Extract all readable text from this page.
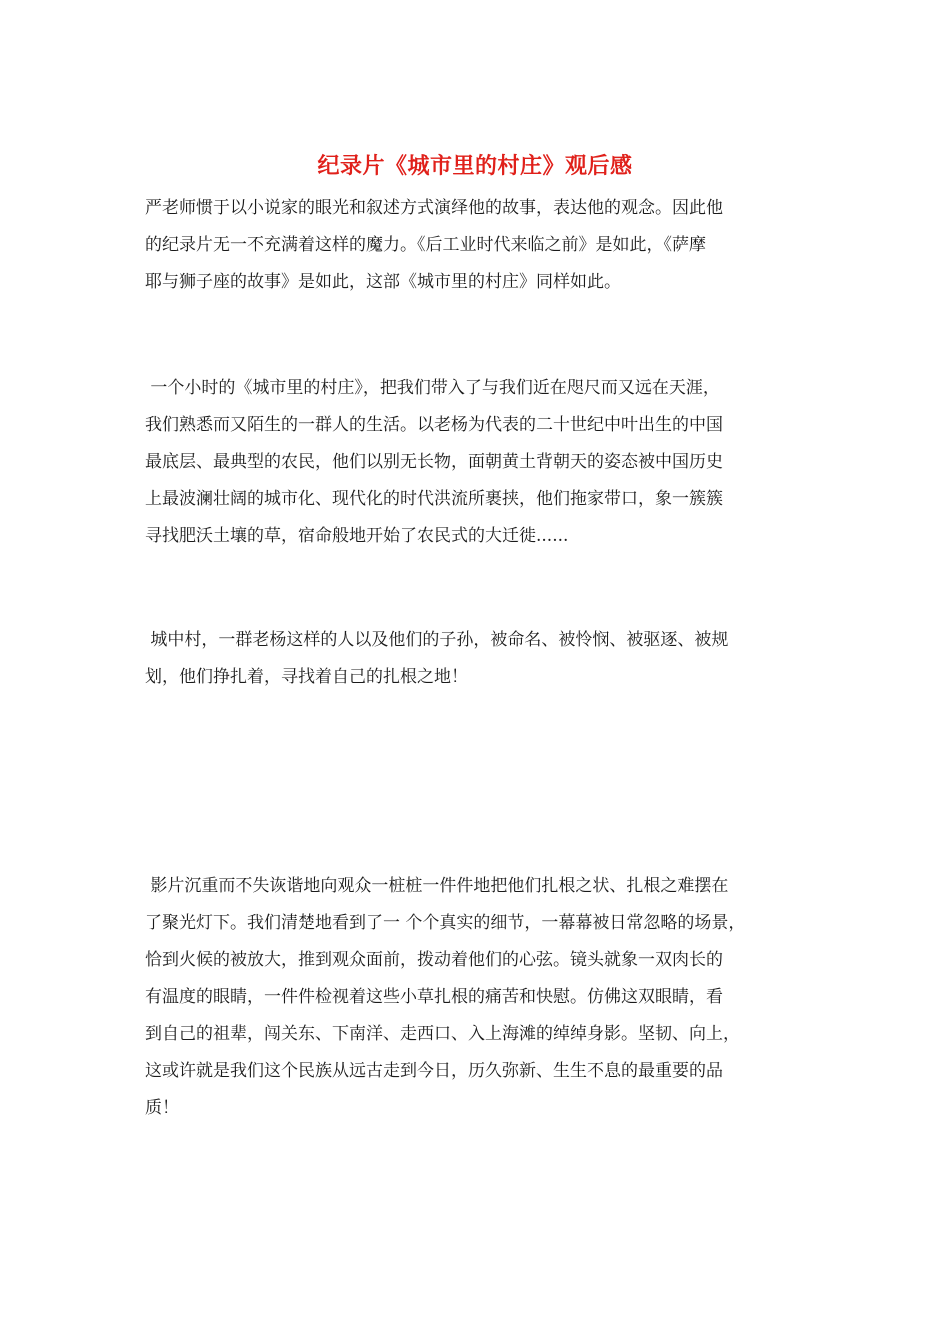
纪录片《城市里的村庄》观后感
严老师惯于以小说家的眼光和叙述方式演绎他的故事，表达他的观念。因此他
的纪录片无一不充满着这样的魔力。《后工业时代来临之前》是如此，《萨摩
耶与狮子座的故事》是如此，这部《城市里的村庄》同样如此。
一个小时的《城市里的村庄》，把我们带入了与我们近在咫尺而又远在天涯，
我们熟悉而又陌生的一群人的生活。以老杨为代表的二十世纪中叶出生的中国
最底层、最典型的农民，他们以别无长物，面朝黄土背朝天的姿态被中国历史
上最波澜壮阔的城市化、现代化的时代洪流所裹挟，他们拖家带口，象一簇簇
寻找肥沃土壤的草，宿命般地开始了农民式的大迁徙......
城中村，一群老杨这样的人以及他们的子孙，被命名、被怜悯、被驱逐、被规
划，他们挣扎着，寻找着自己的扎根之地！
影片沉重而不失诙谐地向观众一桩桩一件件地把他们扎根之状、扎根之难摆在
了聚光灯下。我们清楚地看到了一 个个真实的细节，一幕幕被日常忽略的场景，
恰到火候的被放大，推到观众面前，拨动着他们的心弦。镜头就象一双肉长的
有温度的眼睛，一件件检视着这些小草扎根的痛苦和快慰。仿佛这双眼睛，看
到自己的祖辈，闯关东、下南洋、走西口、入上海滩的绰绰身影。坚韧、向上，
这或许就是我们这个民族从远古走到今日，历久弥新、生生不息的最重要的品
质！
